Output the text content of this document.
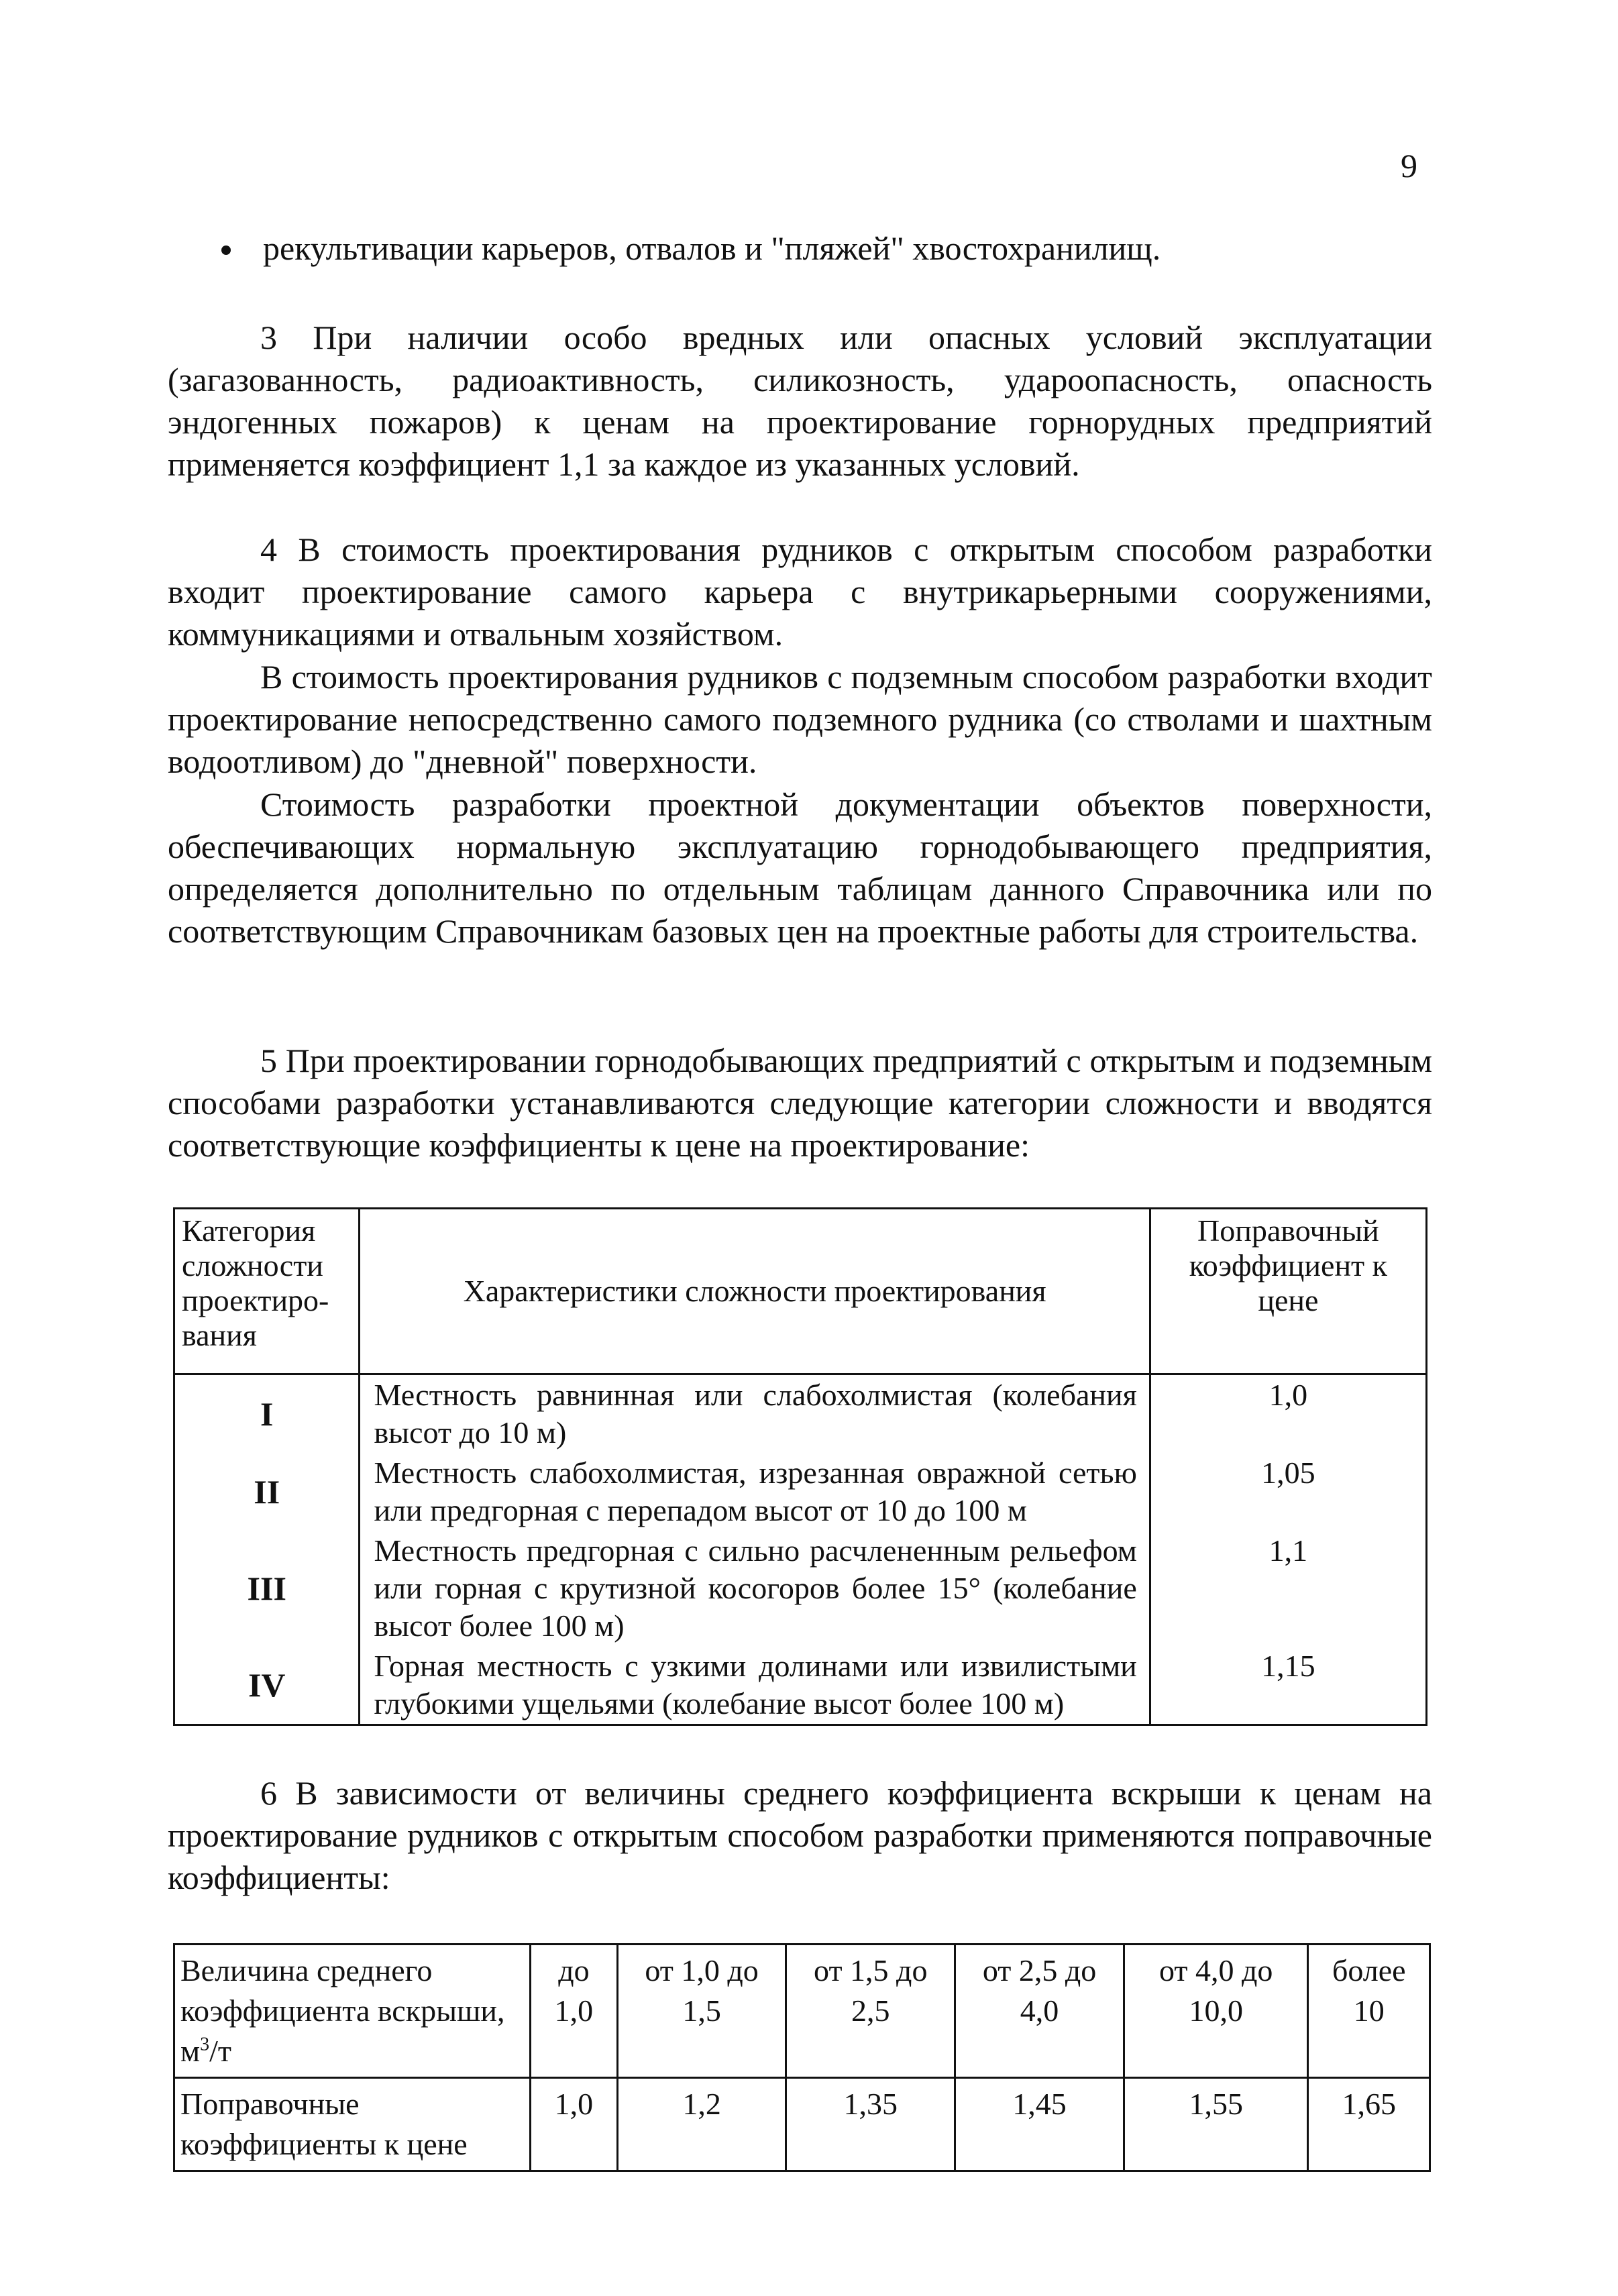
9
рекультивации карьеров, отвалов и "пляжей" хвостохранилищ.

3 При наличии особо вредных или опасных условий эксплуатации (загазованность, радиоактивность, силикозность, удароопасность, опасность эндогенных пожаров) к ценам на проектирование горнорудных предприятий применяется коэффициент 1,1 за каждое из указанных условий.

4 В стоимость проектирования рудников с открытым способом разработки входит проектирование самого карьера с внутрикарьерными сооружениями, коммуникациями и отвальным хозяйством.

В стоимость проектирования рудников с подземным способом разработки входит проектирование непосредственно самого подземного рудника (со стволами и шахтным водоотливом) до "дневной" поверхности.

Стоимость разработки проектной документации объектов поверхности, обеспечивающих нормальную эксплуатацию горнодобывающего предприятия, определяется дополнительно по отдельным таблицам данного Справочника или по соответствующим Справочникам базовых цен на проектные работы для строительства.

5 При проектировании горнодобывающих предприятий с открытым и подземным способами разработки устанавливаются следующие категории сложности и вводятся соответствующие коэффициенты к цене на проектирование:

Категория сложности проектиро-вания	Характеристики сложности проектирования	Поправочный коэффициент к цене
I	Местность равнинная или слабохолмистая (колебания высот до 10 м)	1,0
II	Местность слабохолмистая, изрезанная овражной сетью или предгорная с перепадом высот от 10 до 100 м	1,05
III	Местность предгорная с сильно расчлененным рельефом или горная с крутизной косогоров более 15° (колебание высот более 100 м)	1,1
IV	Горная местность с узкими долинами или извилистыми глубокими ущельями (колебание высот более 100 м)	1,15

6 В зависимости от величины среднего коэффициента вскрыши к ценам на проектирование рудников с открытым способом разработки применяются поправочные коэффициенты:

Величина среднего коэффициента вскрыши, $м^3/т$	до 1,0	от 1,0 до 1,5	от 1,5 до 2,5	от 2,5 до 4,0	от 4,0 до 10,0	более 10
Поправочные коэффициенты к цене	1,0	1,2	1,35	1,45	1,55	1,65
